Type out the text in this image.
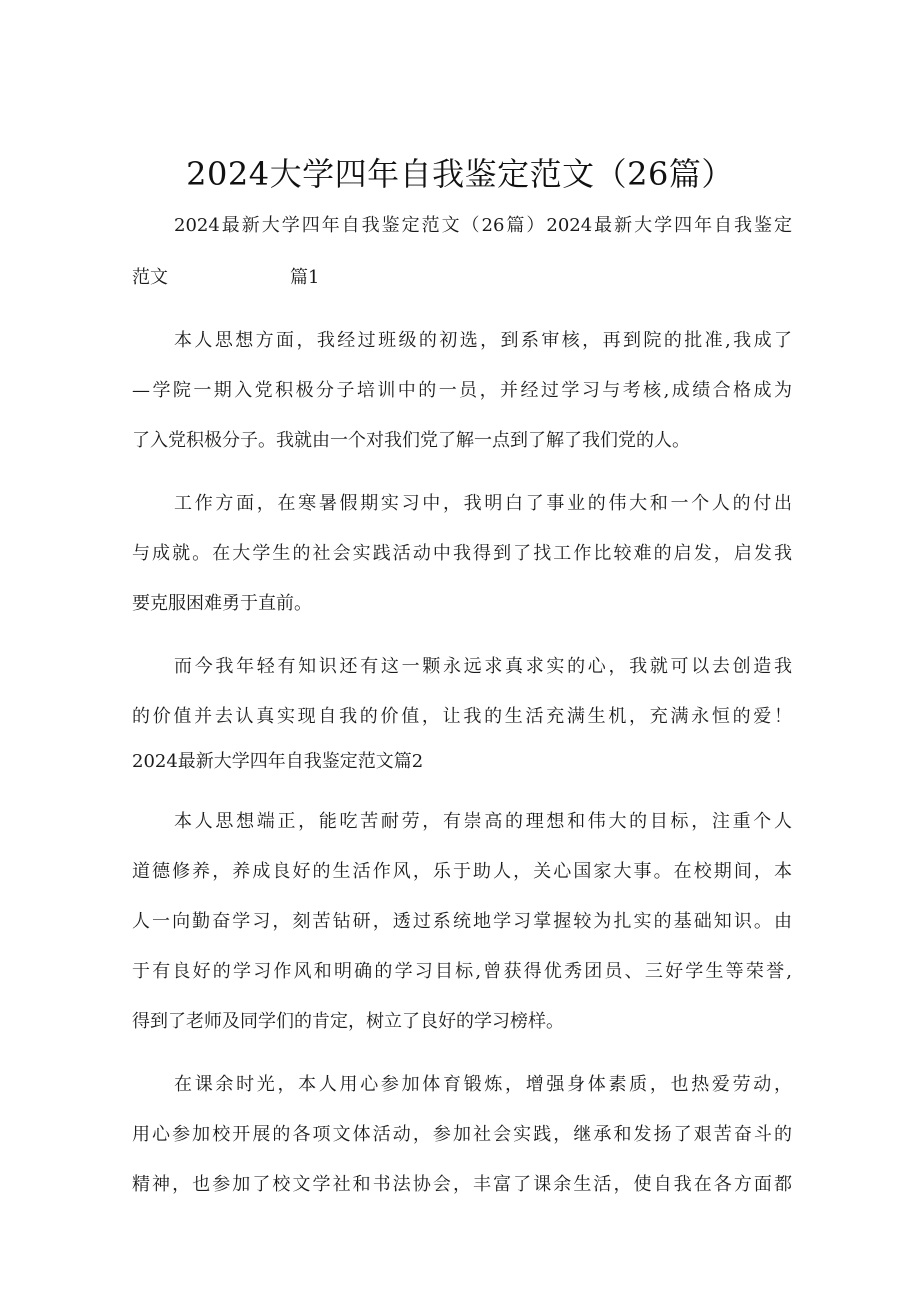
2024大学四年自我鉴定范文（26篇）
2024最新大学四年自我鉴定范文（26篇）2024最新大学四年自我鉴定
范文	篇1
本人思想方面，我经过班级的初选，到系审核，再到院的批准,我成了
—学院一期入党积极分子培训中的一员，并经过学习与考核,成绩合格成为
了入党积极分子。我就由一个对我们党了解一点到了解了我们党的人。
工作方面，在寒暑假期实习中，我明白了事业的伟大和一个人的付出
与成就。在大学生的社会实践活动中我得到了找工作比较难的启发，启发我
要克服困难勇于直前。
而今我年轻有知识还有这一颗永远求真求实的心，我就可以去创造我
的价值并去认真实现自我的价值，让我的生活充满生机，充满永恒的爱！
2024最新大学四年自我鉴定范文篇2
本人思想端正，能吃苦耐劳，有崇高的理想和伟大的目标，注重个人
道德修养，养成良好的生活作风，乐于助人，关心国家大事。在校期间，本
人一向勤奋学习，刻苦钻研，透过系统地学习掌握较为扎实的基础知识。由
于有良好的学习作风和明确的学习目标,曾获得优秀团员、三好学生等荣誉,
得到了老师及同学们的肯定，树立了良好的学习榜样。
在课余时光，本人用心参加体育锻炼，增强身体素质，也热爱劳动，
用心参加校开展的各项文体活动，参加社会实践，继承和发扬了艰苦奋斗的
精神，也参加了校文学社和书法协会，丰富了课余生活，使自我在各方面都
